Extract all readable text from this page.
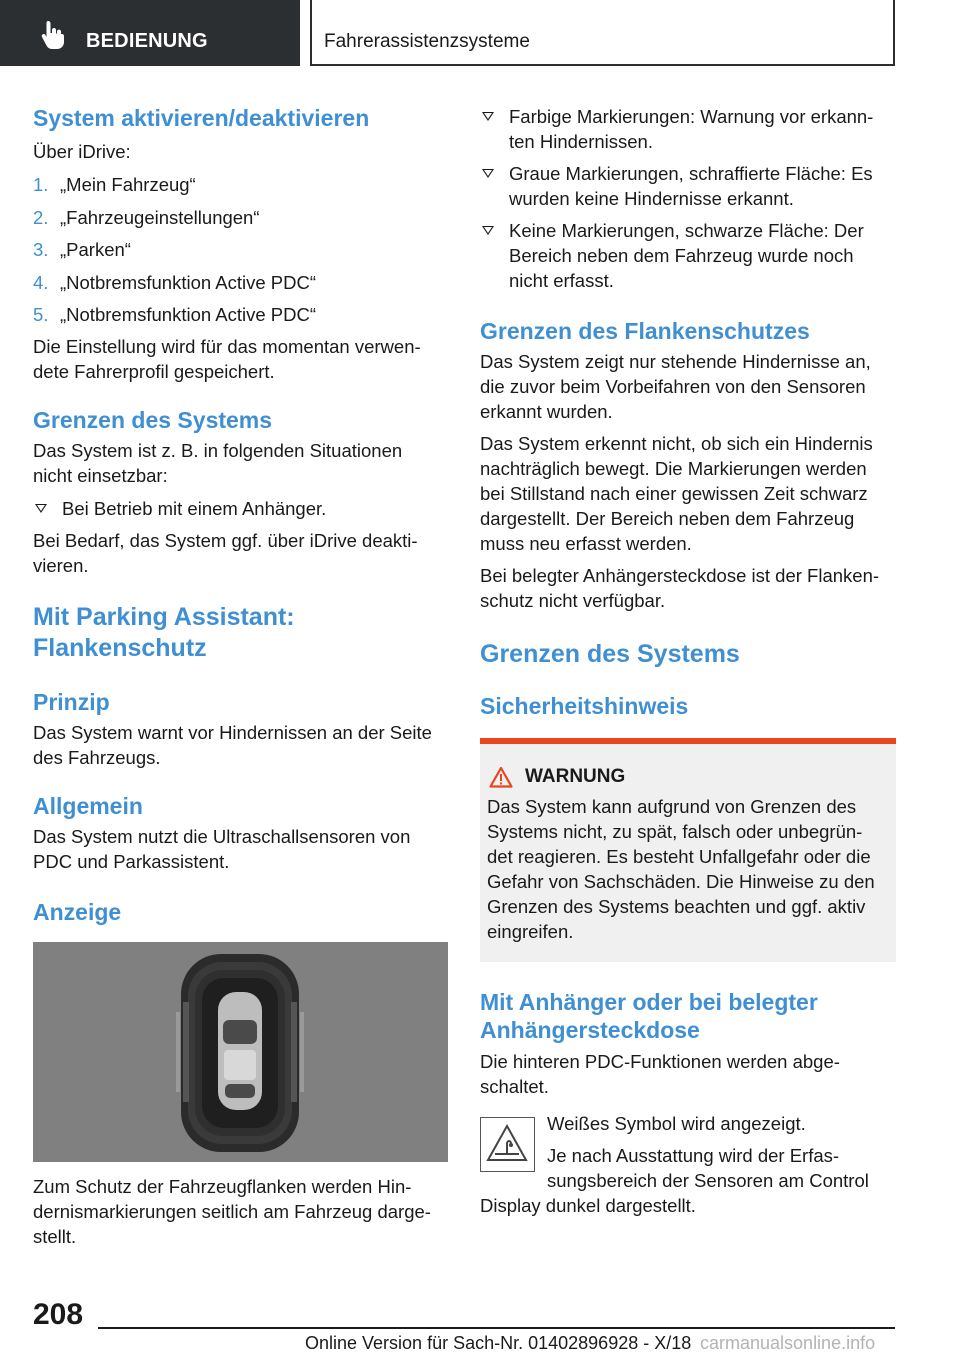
BEDIENUNG	Fahrerassistenzsysteme
System aktivieren/deaktivieren
Über iDrive:
1. „Mein Fahrzeug“
2. „Fahrzeugeinstellungen“
3. „Parken“
4. „Notbremsfunktion Active PDC“
5. „Notbremsfunktion Active PDC“
Die Einstellung wird für das momentan verwen-
dete Fahrerprofil gespeichert.
Grenzen des Systems
Das System ist z. B. in folgenden Situationen
nicht einsetzbar:
Bei Betrieb mit einem Anhänger.
Bei Bedarf, das System ggf. über iDrive deakti-
vieren.
Mit Parking Assistant:
Flankenschutz
Prinzip
Das System warnt vor Hindernissen an der Seite
des Fahrzeugs.
Allgemein
Das System nutzt die Ultraschallsensoren von
PDC und Parkassistent.
Anzeige
Zum Schutz der Fahrzeugflanken werden Hin-
dernismarkierungen seitlich am Fahrzeug darge-
stellt.
Farbige Markierungen: Warnung vor erkann-
ten Hindernissen.
Graue Markierungen, schraffierte Fläche: Es
wurden keine Hindernisse erkannt.
Keine Markierungen, schwarze Fläche: Der
Bereich neben dem Fahrzeug wurde noch
nicht erfasst.
Grenzen des Flankenschutzes
Das System zeigt nur stehende Hindernisse an,
die zuvor beim Vorbeifahren von den Sensoren
erkannt wurden.
Das System erkennt nicht, ob sich ein Hindernis
nachträglich bewegt. Die Markierungen werden
bei Stillstand nach einer gewissen Zeit schwarz
dargestellt. Der Bereich neben dem Fahrzeug
muss neu erfasst werden.
Bei belegter Anhängersteckdose ist der Flanken-
schutz nicht verfügbar.
Grenzen des Systems
Sicherheitshinweis
WARNUNG
Das System kann aufgrund von Grenzen des
Systems nicht, zu spät, falsch oder unbegrün-
det reagieren. Es besteht Unfallgefahr oder die
Gefahr von Sachschäden. Die Hinweise zu den
Grenzen des Systems beachten und ggf. aktiv
eingreifen.
Mit Anhänger oder bei belegter
Anhängersteckdose
Die hinteren PDC-Funktionen werden abge-
schaltet.
Weißes Symbol wird angezeigt.
Je nach Ausstattung wird der Erfas-
sungsbereich der Sensoren am Control
Display dunkel dargestellt.
208
Online Version für Sach-Nr. 01402896928 - X/18 carmanualsonline.info
